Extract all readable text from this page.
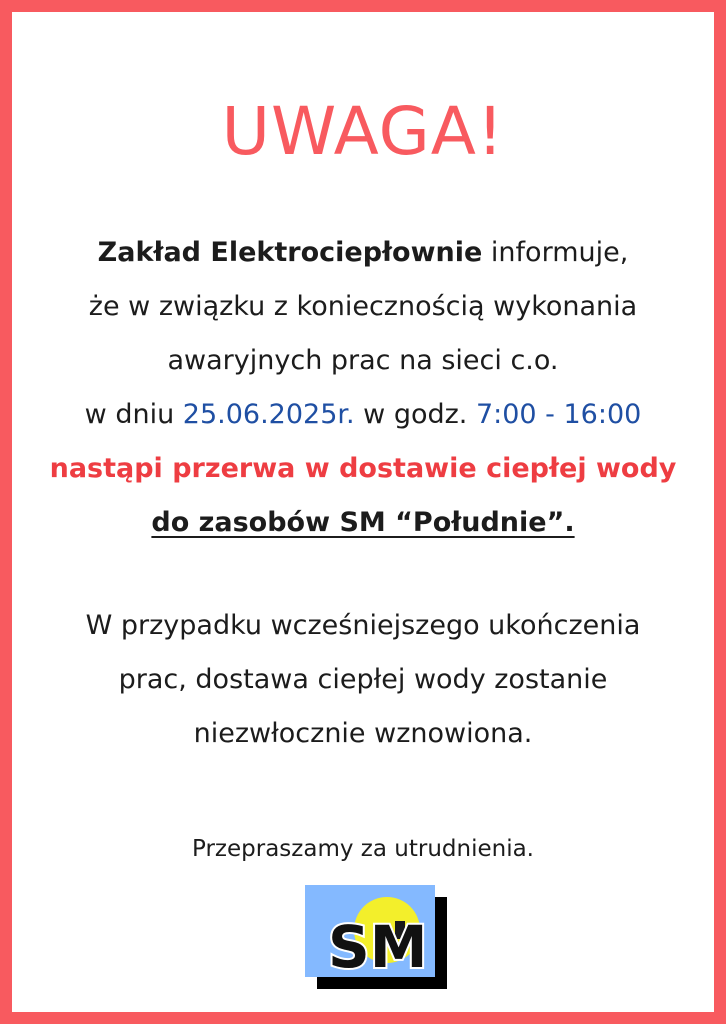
UWAGA!
Zakład Elektrociepłownie informuje,
że w związku z koniecznością wykonania
awaryjnych prac na sieci c.o.
w dniu 25.06.2025r. w godz. 7:00 - 16:00
nastąpi przerwa w dostawie ciepłej wody
do zasobów SM “Południe”.
W przypadku wcześniejszego ukończenia
prac, dostawa ciepłej wody zostanie
niezwłocznie wznowiona.
Przepraszamy za utrudnienia.
SM
